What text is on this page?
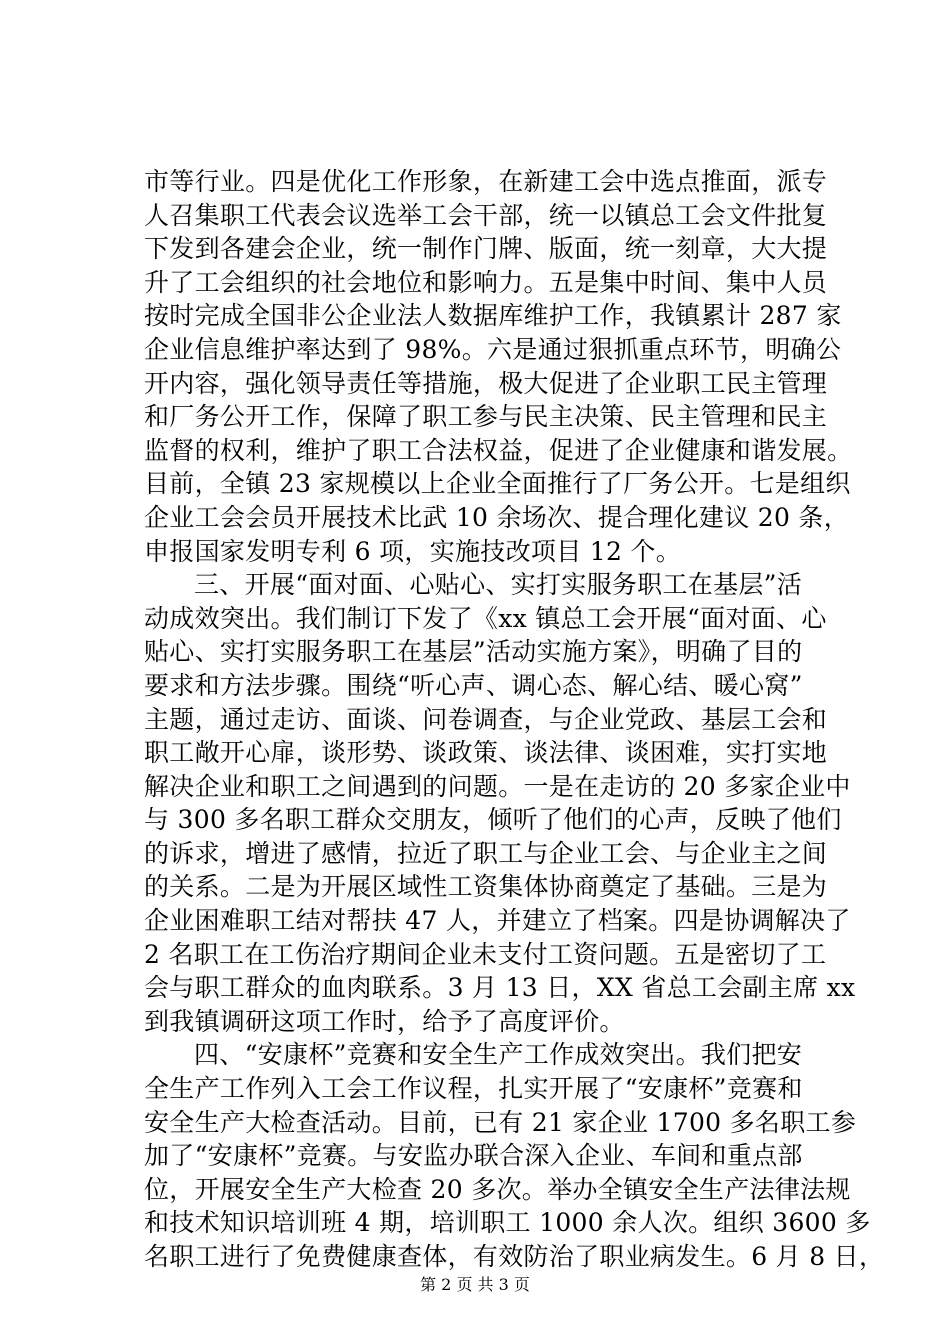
市等行业。四是优化工作形象，在新建工会中选点推面，派专
人召集职工代表会议选举工会干部，统一以镇总工会文件批复
下发到各建会企业，统一制作门牌、版面，统一刻章，大大提
升了工会组织的社会地位和影响力。五是集中时间、集中人员
按时完成全国非公企业法人数据库维护工作，我镇累计 287 家
企业信息维护率达到了 98%。六是通过狠抓重点环节，明确公
开内容，强化领导责任等措施，极大促进了企业职工民主管理
和厂务公开工作，保障了职工参与民主决策、民主管理和民主
监督的权利，维护了职工合法权益，促进了企业健康和谐发展。
目前，全镇 23 家规模以上企业全面推行了厂务公开。七是组织
企业工会会员开展技术比武 10 余场次、提合理化建议 20 条，
申报国家发明专利 6 项，实施技改项目 12 个。
三、开展“面对面、心贴心、实打实服务职工在基层”活
动成效突出。我们制订下发了《xx 镇总工会开展“面对面、心
贴心、实打实服务职工在基层”活动实施方案》，明确了目的
要求和方法步骤。围绕“听心声、调心态、解心结、暖心窝”
主题，通过走访、面谈、问卷调查，与企业党政、基层工会和
职工敞开心扉，谈形势、谈政策、谈法律、谈困难，实打实地
解决企业和职工之间遇到的问题。一是在走访的 20 多家企业中
与 300 多名职工群众交朋友，倾听了他们的心声，反映了他们
的诉求，增进了感情，拉近了职工与企业工会、与企业主之间
的关系。二是为开展区域性工资集体协商奠定了基础。三是为
企业困难职工结对帮扶 47 人，并建立了档案。四是协调解决了
2 名职工在工伤治疗期间企业未支付工资问题。五是密切了工
会与职工群众的血肉联系。3 月 13 日，XX 省总工会副主席 xx
到我镇调研这项工作时，给予了高度评价。
四、“安康杯”竞赛和安全生产工作成效突出。我们把安
全生产工作列入工会工作议程，扎实开展了“安康杯”竞赛和
安全生产大检查活动。目前，已有 21 家企业 1700 多名职工参
加了“安康杯”竞赛。与安监办联合深入企业、车间和重点部
位，开展安全生产大检查 20 多次。举办全镇安全生产法律法规
和技术知识培训班 4 期，培训职工 1000 余人次。组织 3600 多
名职工进行了免费健康查体，有效防治了职业病发生。6 月 8 日，
第 2 页 共 3 页
